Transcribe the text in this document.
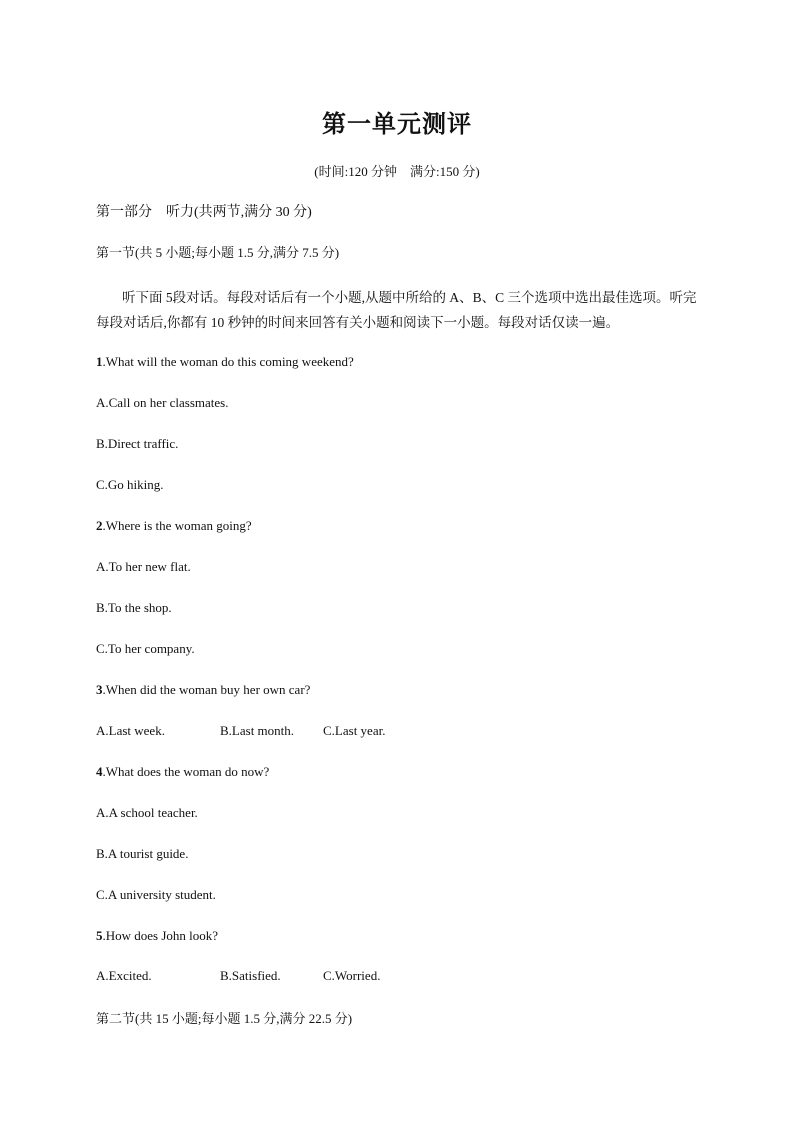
第一单元测评
(时间:120 分钟　满分:150 分)
第一部分　听力(共两节,满分 30 分)
第一节(共 5 小题;每小题 1.5 分,满分 7.5 分)
听下面 5段对话。每段对话后有一个小题,从题中所给的 A、B、C 三个选项中选出最佳选项。听完每段对话后,你都有 10 秒钟的时间来回答有关小题和阅读下一小题。每段对话仅读一遍。
1.What will the woman do this coming weekend?
A.Call on her classmates.
B.Direct traffic.
C.Go hiking.
2.Where is the woman going?
A.To her new flat.
B.To the shop.
C.To her company.
3.When did the woman buy her own car?
A.Last week.	B.Last month. C.Last year.
4.What does the woman do now?
A.A school teacher.
B.A tourist guide.
C.A university student.
5.How does John look?
A.Excited.	B.Satisfied.	C.Worried.
第二节(共 15 小题;每小题 1.5 分,满分 22.5 分)
